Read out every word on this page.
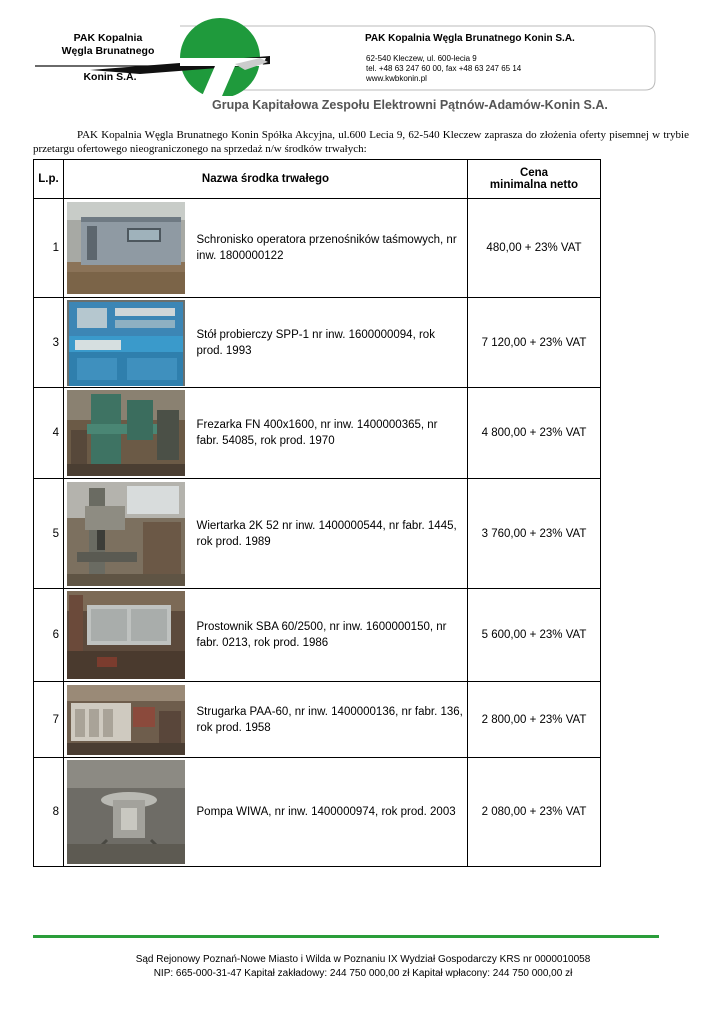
PAK Kopalnia
Węgla Brunatnego
Konin S.A.
PAK Kopalnia Węgla Brunatnego Konin S.A.
62-540 Kleczew, ul. 600-lecia 9
tel. +48 63 247 60 00, fax +48 63 247 65 14
www.kwbkonin.pl
Grupa Kapitałowa Zespołu Elektrowni Pątnów-Adamów-Konin S.A.

PAK Kopalnia Węgla Brunatnego Konin Spółka Akcyjna, ul.600 Lecia 9, 62-540 Kleczew zaprasza do złożenia oferty pisemnej w trybie przetargu ofertowego nieograniczonego na sprzedaż n/w środków trwałych:

L.p.	Nazwa środka trwałego		Cena
minimalna netto

1		Schronisko operatora przenośników taśmowych, nr inw. 1800000122	480,00 + 23% VAT
3		Stół probierczy SPP-1 nr inw. 1600000094, rok prod. 1993	7 120,00 + 23% VAT
4		Frezarka FN 400x1600, nr inw. 1400000365, nr fabr. 54085, rok prod. 1970	4 800,00 + 23% VAT
5		Wiertarka 2K 52 nr inw. 1400000544, nr fabr. 1445, rok prod. 1989	3 760,00 + 23% VAT
6		Prostownik SBA 60/2500, nr inw. 1600000150, nr fabr. 0213, rok prod. 1986	5 600,00 + 23% VAT
7		Strugarka PAA-60, nr inw. 1400000136, nr fabr. 136, rok prod. 1958	2 800,00 + 23% VAT
8		Pompa WIWA, nr inw. 1400000974, rok prod. 2003	2 080,00 + 23% VAT
Sąd Rejonowy Poznań-Nowe Miasto i Wilda w Poznaniu IX Wydział Gospodarczy KRS nr 0000010058
NIP: 665-000-31-47 Kapitał zakładowy: 244 750 000,00 zł Kapitał wpłacony: 244 750 000,00 zł
